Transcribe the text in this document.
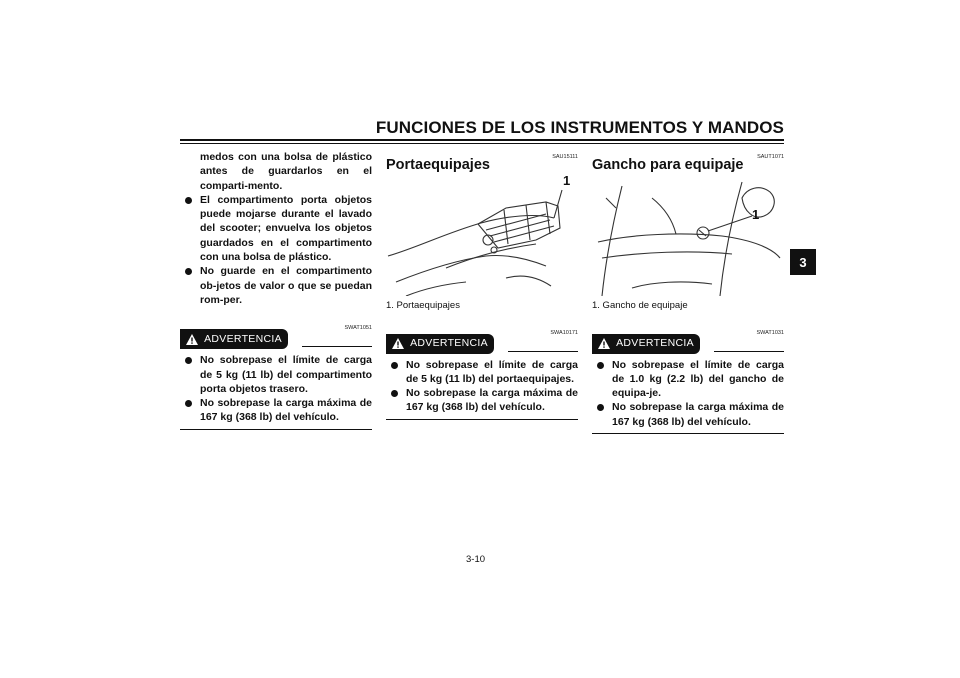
FUNCIONES DE LOS INSTRUMENTOS Y MANDOS
3
medos con una bolsa de plástico antes de guardarlos en el comparti-mento.
El compartimento porta objetos puede mojarse durante el lavado del scooter; envuelva los objetos guardados en el compartimento con una bolsa de plástico.
No guarde en el compartimento ob-jetos de valor o que se puedan rom-per.
SWAT1051
ADVERTENCIA
No sobrepase el límite de carga de 5 kg (11 lb) del compartimento porta objetos trasero.
No sobrepase la carga máxima de 167 kg (368 lb) del vehículo.
SAU15111
Portaequipajes
1
1. Portaequipajes
SWA10171
ADVERTENCIA
No sobrepase el límite de carga de 5 kg (11 lb) del portaequipajes.
No sobrepase la carga máxima de 167 kg (368 lb) del vehículo.
SAUT1071
Gancho para equipaje
1
1. Gancho de equipaje
SWAT1031
ADVERTENCIA
No sobrepase el límite de carga de 1.0 kg (2.2 lb) del gancho de equipa-je.
No sobrepase la carga máxima de 167 kg (368 lb) del vehículo.
3-10
